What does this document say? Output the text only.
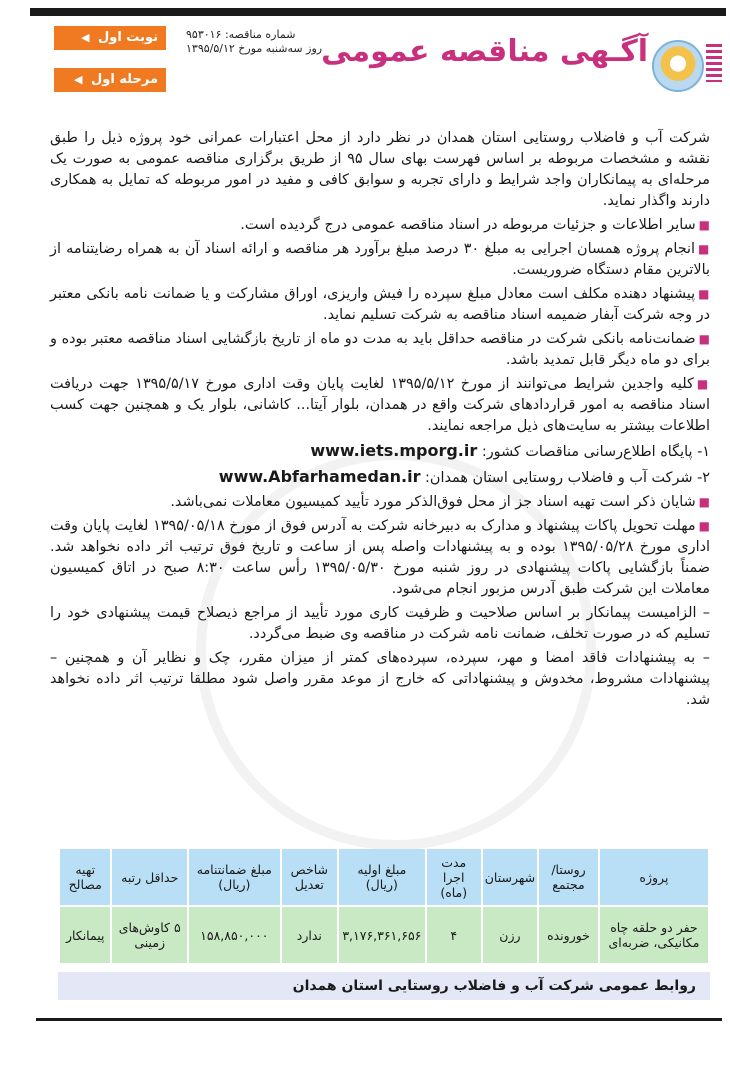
آگـهی مناقصه عمومی
شماره مناقصه: ۹۵۳۰۱۶
روز سه‌شنبه مورخ ۱۳۹۵/۵/۱۲
نوبت اول ◀
مرحله اول ◀

شرکت آب و فاضلاب روستایی استان همدان در نظر دارد از محل اعتبارات عمرانی خود پروژه ذیل را طبق نقشه و مشخصات مربوطه بر اساس فهرست بهای سال ۹۵ از طریق برگزاری مناقصه عمومی به صورت یک مرحله‌ای به پیمانکاران واجد شرایط و دارای تجربه و سوابق کافی و مفید در امور مربوطه که تمایل به همکاری دارند واگذار نماید.

■سایر اطلاعات و جزئیات مربوطه در اسناد مناقصه عمومی درج گردیده است.

■انجام پروژه همسان اجرایی به مبلغ ۳۰ درصد مبلغ برآورد هر مناقصه و ارائه اسناد آن به همراه رضایتنامه از بالاترین مقام دستگاه ضروریست.

■پیشنهاد دهنده مکلف است معادل مبلغ سپرده را فیش واریزی، اوراق مشارکت و یا ضمانت نامه بانکی معتبر در وجه شرکت آبفار ضمیمه اسناد مناقصه به شرکت تسلیم نماید.

■ضمانت‌نامه بانکی شرکت در مناقصه حداقل باید به مدت دو ماه از تاریخ بازگشایی اسناد مناقصه معتبر بوده و برای دو ماه دیگر قابل تمدید باشد.

■کلیه واجدین شرایط می‌توانند از مورخ ۱۳۹۵/۵/۱۲ لغایت پایان وقت اداری مورخ ۱۳۹۵/۵/۱۷ جهت دریافت اسناد مناقصه به امور قراردادهای شرکت واقع در همدان، بلوار آیتا... کاشانی، بلوار یک و همچنین جهت کسب اطلاعات بیشتر به سایت‌های ذیل مراجعه نمایند.

۱- پایگاه اطلاع‌رسانی مناقصات کشور: www.iets.mporg.ir

۲- شرکت آب و فاضلاب روستایی استان همدان: www.Abfarhamedan.ir

■شایان ذکر است تهیه اسناد جز از محل فوق‌الذکر مورد تأیید کمیسیون معاملات نمی‌باشد.

■مهلت تحویل پاکات پیشنهاد و مدارک به دبیرخانه شرکت به آدرس فوق از مورخ ۱۳۹۵/۰۵/۱۸ لغایت پایان وقت اداری مورخ ۱۳۹۵/۰۵/۲۸ بوده و به پیشنهادات واصله پس از ساعت و تاریخ فوق ترتیب اثر داده نخواهد شد. ضمناً بازگشایی پاکات پیشنهادی در روز شنبه مورخ ۱۳۹۵/۰۵/۳۰ رأس ساعت ۸:۳۰ صبح در اتاق کمیسیون معاملات این شرکت طبق آدرس مزبور انجام می‌شود.

– الزامیست پیمانکار بر اساس صلاحیت و ظرفیت کاری مورد تأیید از مراجع ذیصلاح قیمت پیشنهادی خود را تسلیم که در صورت تخلف، ضمانت نامه شرکت در مناقصه وی ضبط می‌گردد.

– به پیشنهادات فاقد امضا و مهر، سپرده، سپرده‌های کمتر از میزان مقرر، چک و نظایر آن و همچنین – پیشنهادات مشروط، مخدوش و پیشنهاداتی که خارج از موعد مقرر واصل شود مطلقا ترتیب اثر داده نخواهد شد.

پروژه	روستا/ مجتمع	شهرستان	مدت اجرا (ماه)	مبلغ اولیه (ریال)	شاخص تعدیل	مبلغ ضمانتنامه (ریال)	حداقل رتبه	تهیه مصالح
حفر دو حلقه چاه مکانیکی، ضربه‌ای	خورونده	رزن	۴	۳,۱۷۶,۳۶۱,۶۵۶	ندارد	۱۵۸,۸۵۰,۰۰۰	۵ کاوش‌های زمینی	پیمانکار
روابط عمومی شرکت آب و فاضلاب روستایی استان همدان
